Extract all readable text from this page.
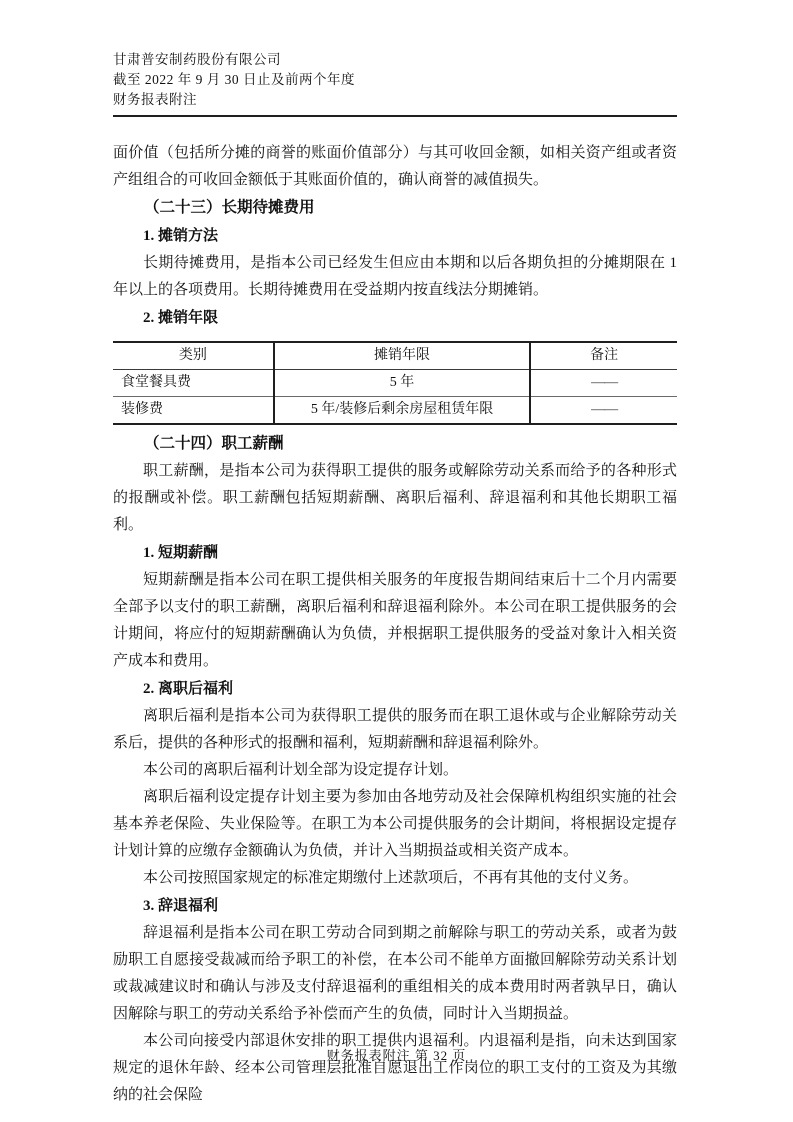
甘肃普安制药股份有限公司
截至 2022 年 9 月 30 日止及前两个年度
财务报表附注

面价值（包括所分摊的商誉的账面价值部分）与其可收回金额，如相关资产组或者资产组组合的可收回金额低于其账面价值的，确认商誉的减值损失。

（二十三）长期待摊费用
1. 摊销方法

长期待摊费用，是指本公司已经发生但应由本期和以后各期负担的分摊期限在 1 年以上的各项费用。长期待摊费用在受益期内按直线法分期摊销。

2. 摊销年限
类别	摊销年限	备注
食堂餐具费	5 年	——
装修费	5 年/装修后剩余房屋租赁年限	——
（二十四）职工薪酬

职工薪酬，是指本公司为获得职工提供的服务或解除劳动关系而给予的各种形式的报酬或补偿。职工薪酬包括短期薪酬、离职后福利、辞退福利和其他长期职工福利。

1. 短期薪酬

短期薪酬是指本公司在职工提供相关服务的年度报告期间结束后十二个月内需要全部予以支付的职工薪酬，离职后福利和辞退福利除外。本公司在职工提供服务的会计期间，将应付的短期薪酬确认为负债，并根据职工提供服务的受益对象计入相关资产成本和费用。

2. 离职后福利

离职后福利是指本公司为获得职工提供的服务而在职工退休或与企业解除劳动关系后，提供的各种形式的报酬和福利，短期薪酬和辞退福利除外。

本公司的离职后福利计划全部为设定提存计划。

离职后福利设定提存计划主要为参加由各地劳动及社会保障机构组织实施的社会基本养老保险、失业保险等。在职工为本公司提供服务的会计期间，将根据设定提存计划计算的应缴存金额确认为负债，并计入当期损益或相关资产成本。

本公司按照国家规定的标准定期缴付上述款项后，不再有其他的支付义务。

3. 辞退福利

辞退福利是指本公司在职工劳动合同到期之前解除与职工的劳动关系，或者为鼓励职工自愿接受裁减而给予职工的补偿，在本公司不能单方面撤回解除劳动关系计划或裁减建议时和确认与涉及支付辞退福利的重组相关的成本费用时两者孰早日，确认因解除与职工的劳动关系给予补偿而产生的负债，同时计入当期损益。

本公司向接受内部退休安排的职工提供内退福利。内退福利是指，向未达到国家规定的退休年龄、经本公司管理层批准自愿退出工作岗位的职工支付的工资及为其缴纳的社会保险

财务报表附注 第 32 页
